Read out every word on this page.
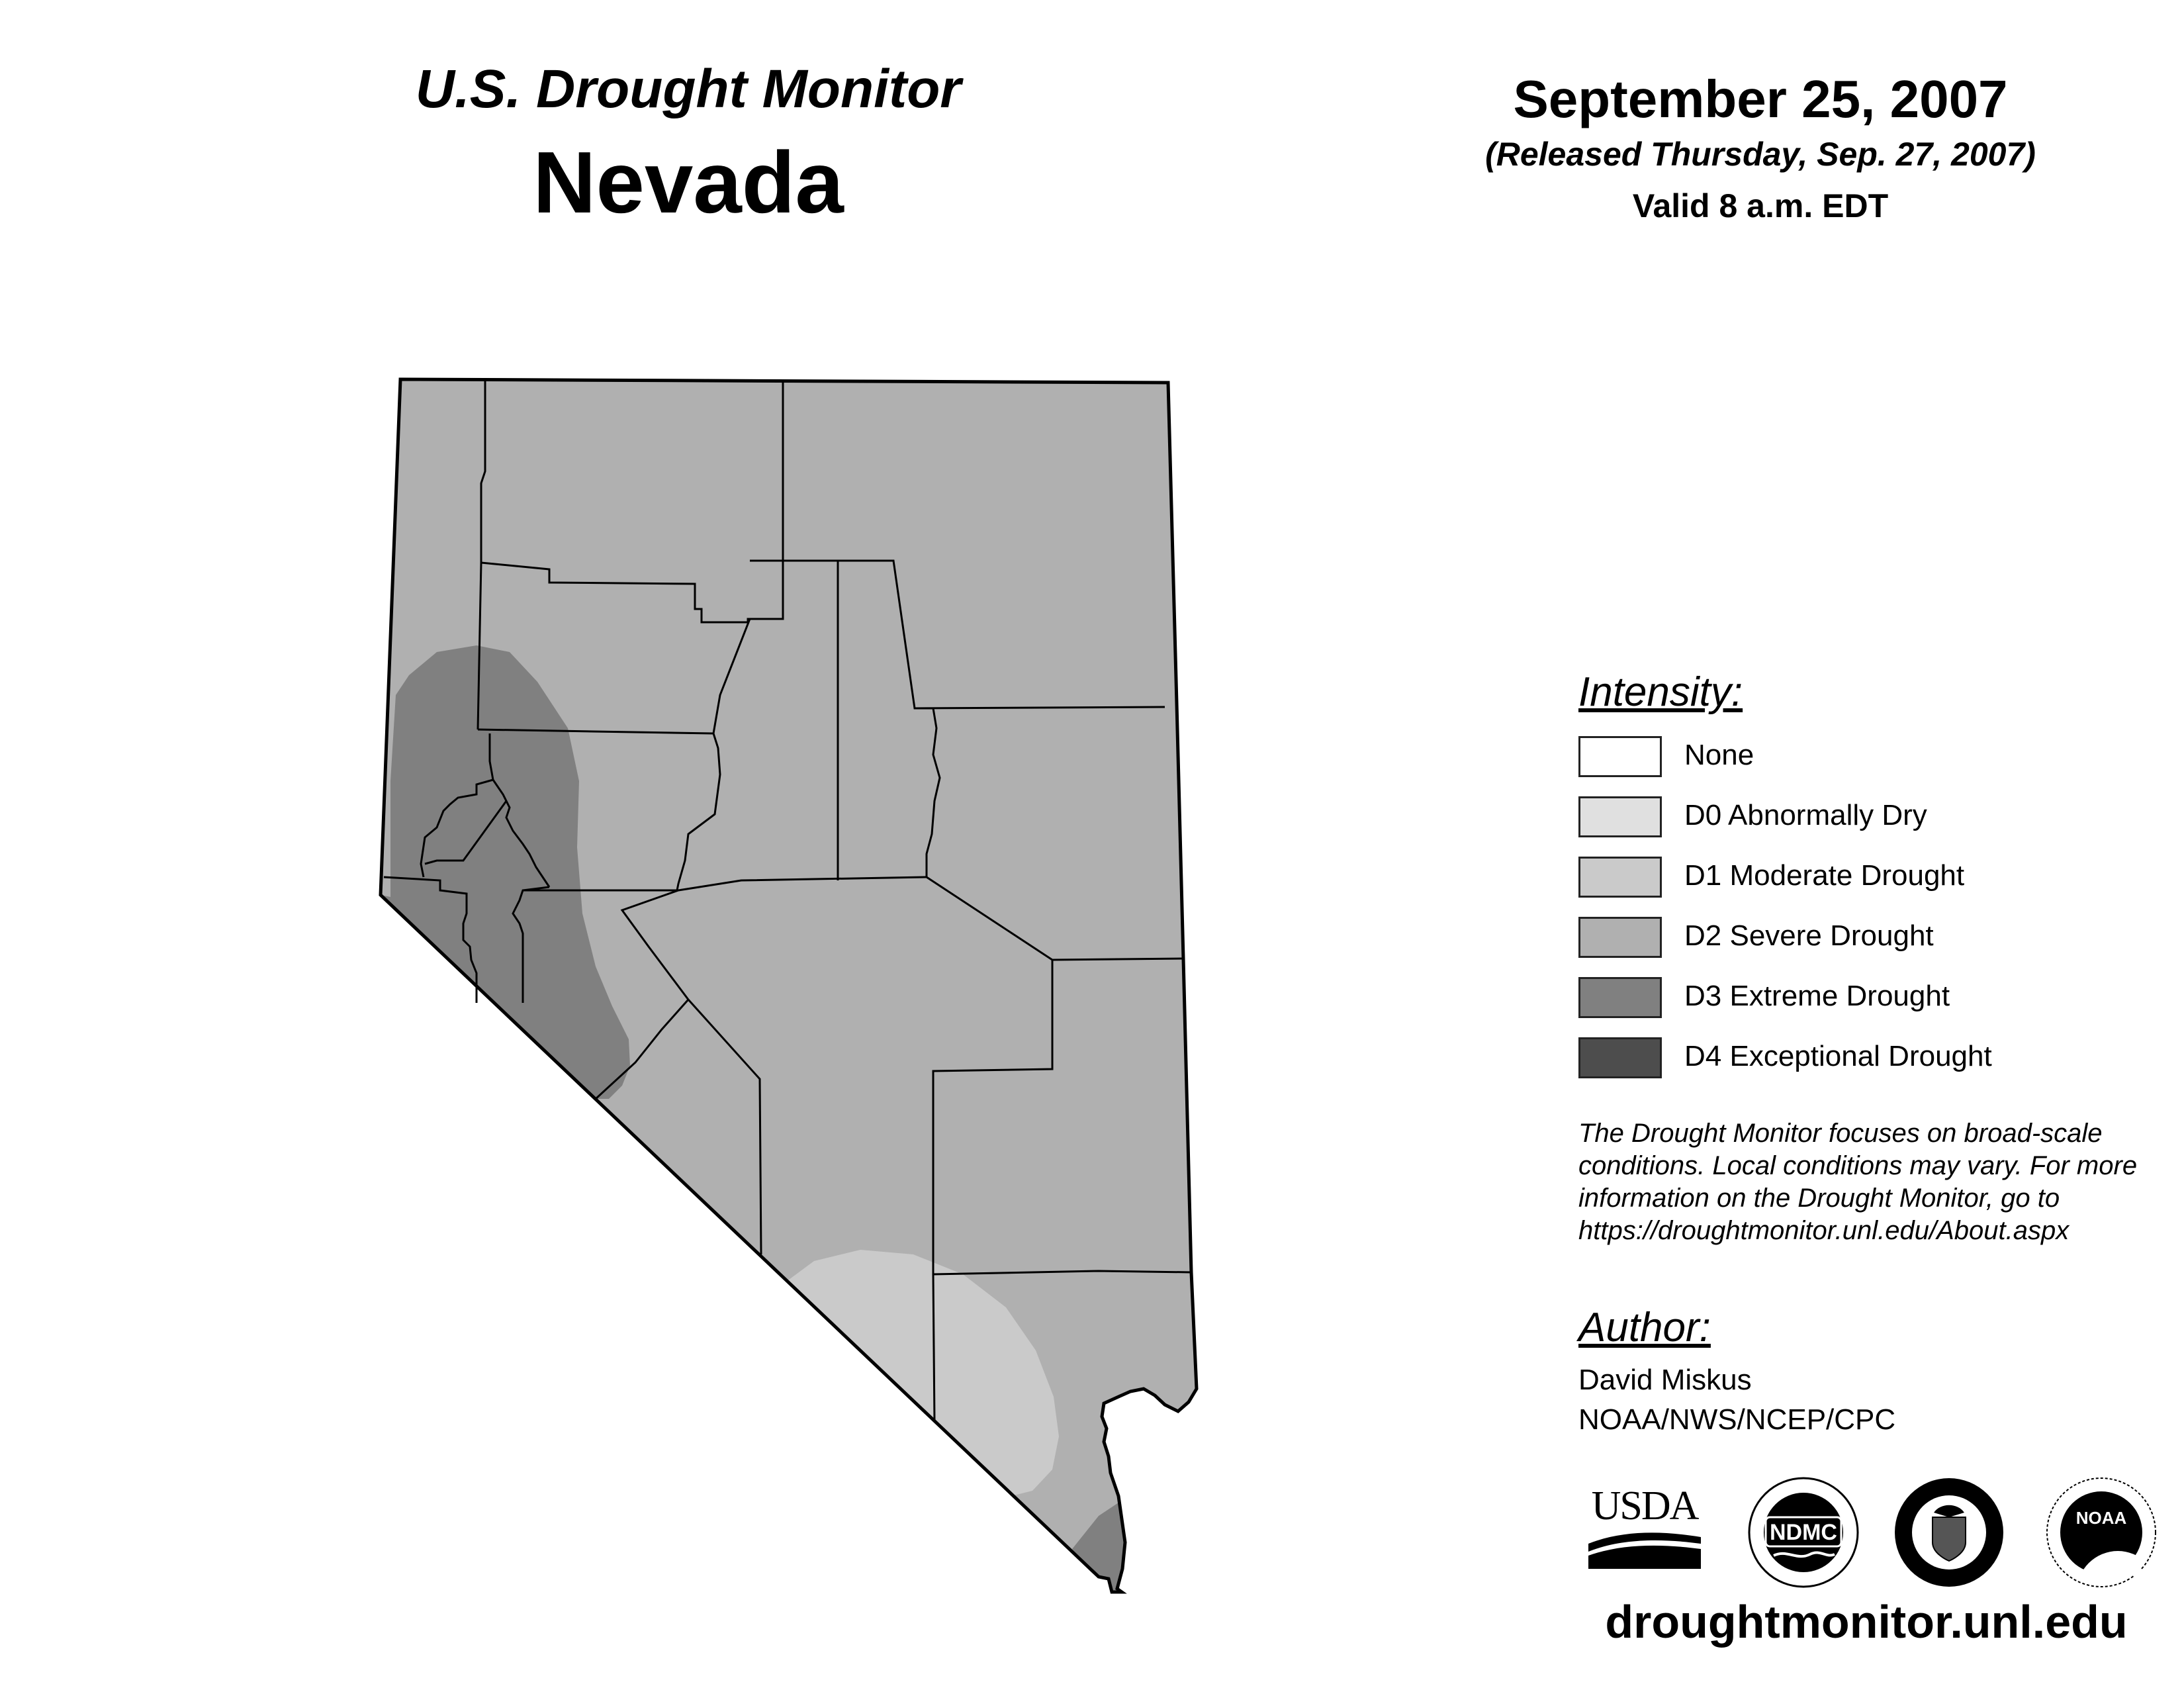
U.S. Drought Monitor
Nevada
September 25, 2007
(Released Thursday, Sep. 27, 2007)
Valid 8 a.m. EDT
Intensity:
None
D0 Abnormally Dry
D1 Moderate Drought
D2 Severe Drought
D3 Extreme Drought
D4 Exceptional Drought
The Drought Monitor focuses on broad-scale conditions. Local conditions may vary. For more information on the Drought Monitor, go to https://droughtmonitor.unl.edu/About.aspx
Author:
David Miskus
NOAA/NWS/NCEP/CPC
USDA
NDMC
NOAA
droughtmonitor.unl.edu
